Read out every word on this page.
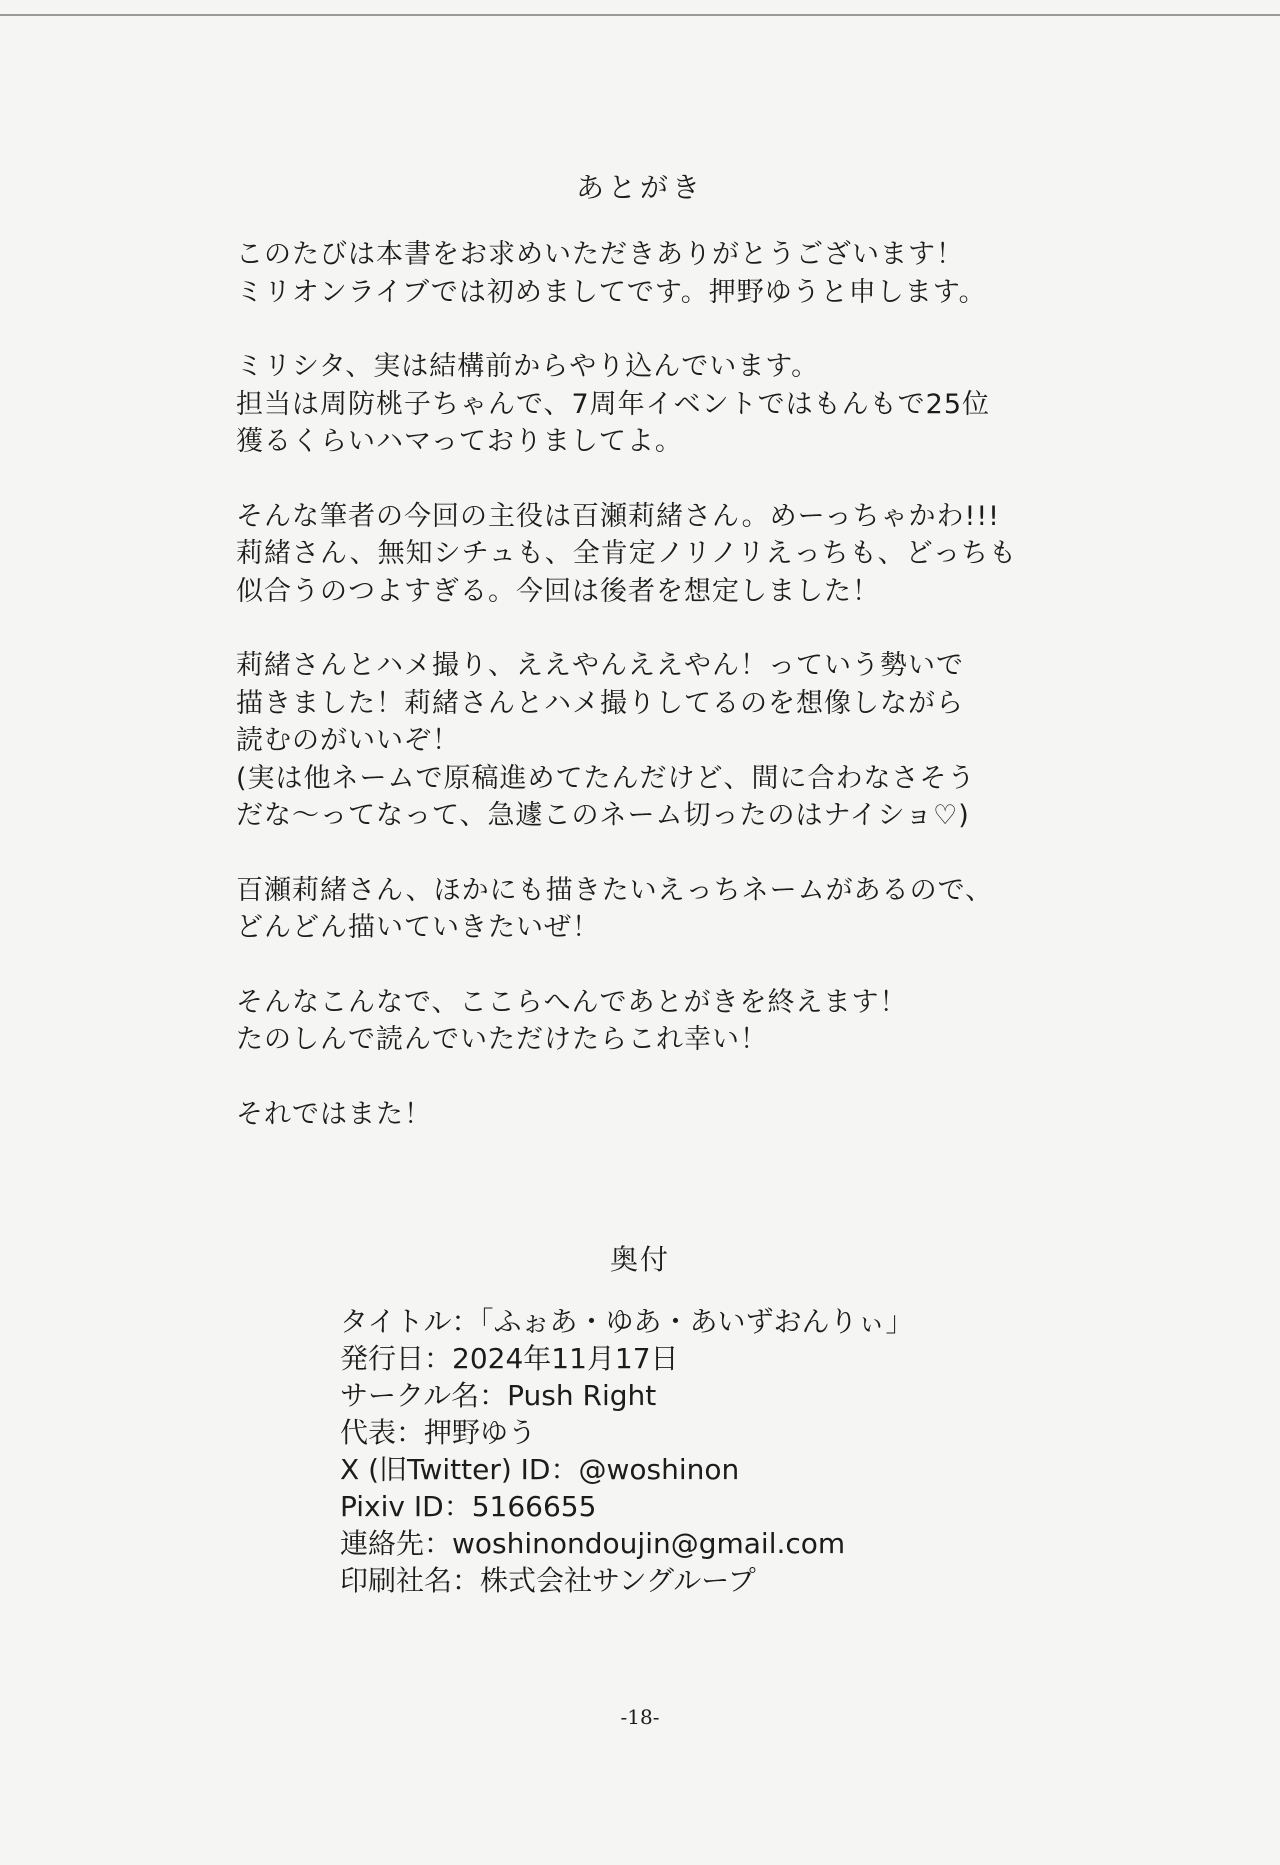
あとがき
このたびは本書をお求めいただきありがとうございます！
ミリオンライブでは初めましてです。押野ゆうと申します。
ミリシタ、実は結構前からやり込んでいます。
担当は周防桃子ちゃんで、7周年イベントではもんもで25位
獲るくらいハマっておりましてよ。
そんな筆者の今回の主役は百瀬莉緒さん。めーっちゃかわ!!!
莉緒さん、無知シチュも、全肯定ノリノリえっちも、どっちも
似合うのつよすぎる。今回は後者を想定しました！
莉緒さんとハメ撮り、ええやんええやん！っていう勢いで
描きました！莉緒さんとハメ撮りしてるのを想像しながら
読むのがいいぞ！
(実は他ネームで原稿進めてたんだけど、間に合わなさそう
だな〜ってなって、急遽このネーム切ったのはナイショ♡)
百瀬莉緒さん、ほかにも描きたいえっちネームがあるので、
どんどん描いていきたいぜ！
そんなこんなで、ここらへんであとがきを終えます！
たのしんで読んでいただけたらこれ幸い！
それではまた！
奥付
タイトル：「ふぉあ・ゆあ・あいずおんりぃ」
発行日：2024年11月17日
サークル名：Push Right
代表：押野ゆう
X (旧Twitter) ID：@woshinon
Pixiv ID：5166655
連絡先：woshinondoujin@gmail.com
印刷社名：株式会社サングループ
-18-
